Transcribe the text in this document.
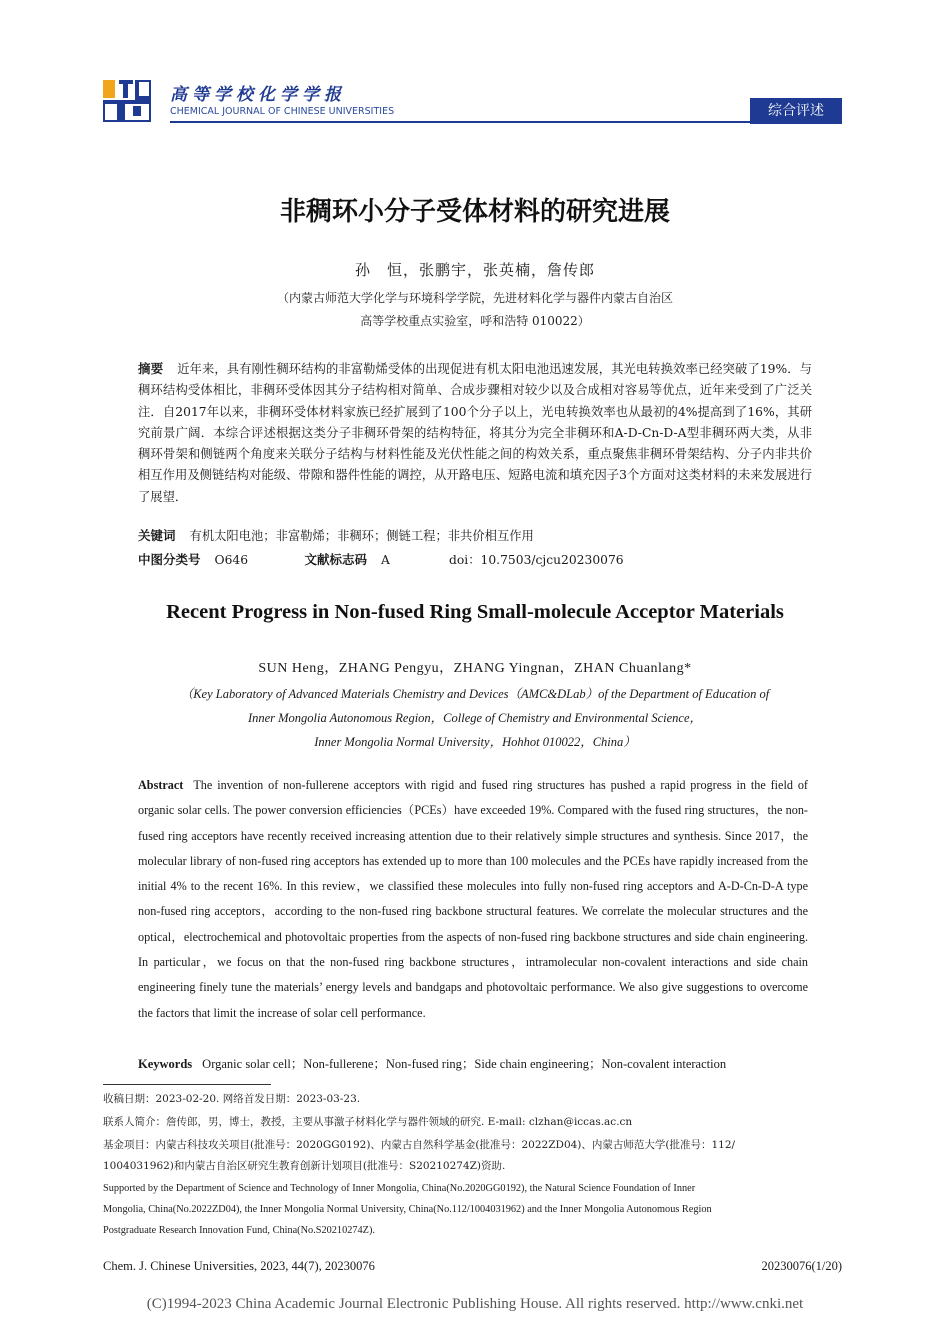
高等学校化学学报
CHEMICAL JOURNAL OF CHINESE UNIVERSITIES	综合评述
非稠环小分子受体材料的研究进展
孙　恒，张鹏宇，张英楠，詹传郎
（内蒙古师范大学化学与环境科学学院，先进材料化学与器件内蒙古自治区
高等学校重点实验室，呼和浩特 010022）
摘要 近年来，具有刚性稠环结构的非富勒烯受体的出现促进有机太阳电池迅速发展，其光电转换效率已经突破了19%．与稠环结构受体相比，非稠环受体因其分子结构相对简单、合成步骤相对较少以及合成相对容易等优点，近年来受到了广泛关注．自2017年以来，非稠环受体材料家族已经扩展到了100个分子以上，光电转换效率也从最初的4%提高到了16%，其研究前景广阔．本综合评述根据这类分子非稠环骨架的结构特征，将其分为完全非稠环和A-D-Cn-D-A型非稠环两大类，从非稠环骨架和侧链两个角度来关联分子结构与材料性能及光伏性能之间的构效关系，重点聚焦非稠环骨架结构、分子内非共价相互作用及侧链结构对能级、带隙和器件性能的调控，从开路电压、短路电流和填充因子3个方面对这类材料的未来发展进行了展望．
关键词 有机太阳电池；非富勒烯；非稠环；侧链工程；非共价相互作用
中图分类号 O646	文献标志码 A	doi：10.7503/cjcu20230076
Recent Progress in Non-fused Ring Small-molecule Acceptor Materials
SUN Heng，ZHANG Pengyu，ZHANG Yingnan，ZHAN Chuanlang*
（Key Laboratory of Advanced Materials Chemistry and Devices（AMC&DLab）of the Department of Education of
Inner Mongolia Autonomous Region，College of Chemistry and Environmental Science，
Inner Mongolia Normal University，Hohhot 010022，China）
Abstract The invention of non-fullerene acceptors with rigid and fused ring structures has pushed a rapid progress in the field of organic solar cells. The power conversion efficiencies（PCEs）have exceeded 19%. Compared with the fused ring structures，the non-fused ring acceptors have recently received increasing attention due to their relatively simple structures and synthesis. Since 2017，the molecular library of non-fused ring acceptors has extended up to more than 100 molecules and the PCEs have rapidly increased from the initial 4% to the recent 16%. In this review，we classified these molecules into fully non-fused ring acceptors and A-D-Cn-D-A type non-fused ring acceptors，according to the non-fused ring backbone structural features. We correlate the molecular structures and the optical，electrochemical and photovoltaic properties from the aspects of non-fused ring backbone structures and side chain engineering. In particular，we focus on that the non-fused ring backbone structures，intramolecular non-covalent interactions and side chain engineering finely tune the materials’ energy levels and bandgaps and photovoltaic performance. We also give suggestions to overcome the factors that limit the increase of solar cell performance.
Keywords Organic solar cell；Non-fullerene；Non-fused ring；Side chain engineering；Non-covalent interaction
收稿日期：2023-02-20. 网络首发日期：2023-03-23.
联系人简介：詹传郎，男，博士，教授，主要从事激子材料化学与器件领域的研究. E-mail: clzhan@iccas.ac.cn
基金项目：内蒙古科技攻关项目(批准号：2020GG0192)、内蒙古自然科学基金(批准号：2022ZD04)、内蒙古师范大学(批准号：112/
1004031962)和内蒙古自治区研究生教育创新计划项目(批准号：S20210274Z)资助.
Supported by the Department of Science and Technology of Inner Mongolia, China(No.2020GG0192), the Natural Science Foundation of Inner
Mongolia, China(No.2022ZD04), the Inner Mongolia Normal University, China(No.112/1004031962) and the Inner Mongolia Autonomous Region
Postgraduate Research Innovation Fund, China(No.S20210274Z).
Chem. J. Chinese Universities, 2023, 44(7), 20230076	20230076(1/20)
(C)1994-2023 China Academic Journal Electronic Publishing House. All rights reserved. http://www.cnki.net
